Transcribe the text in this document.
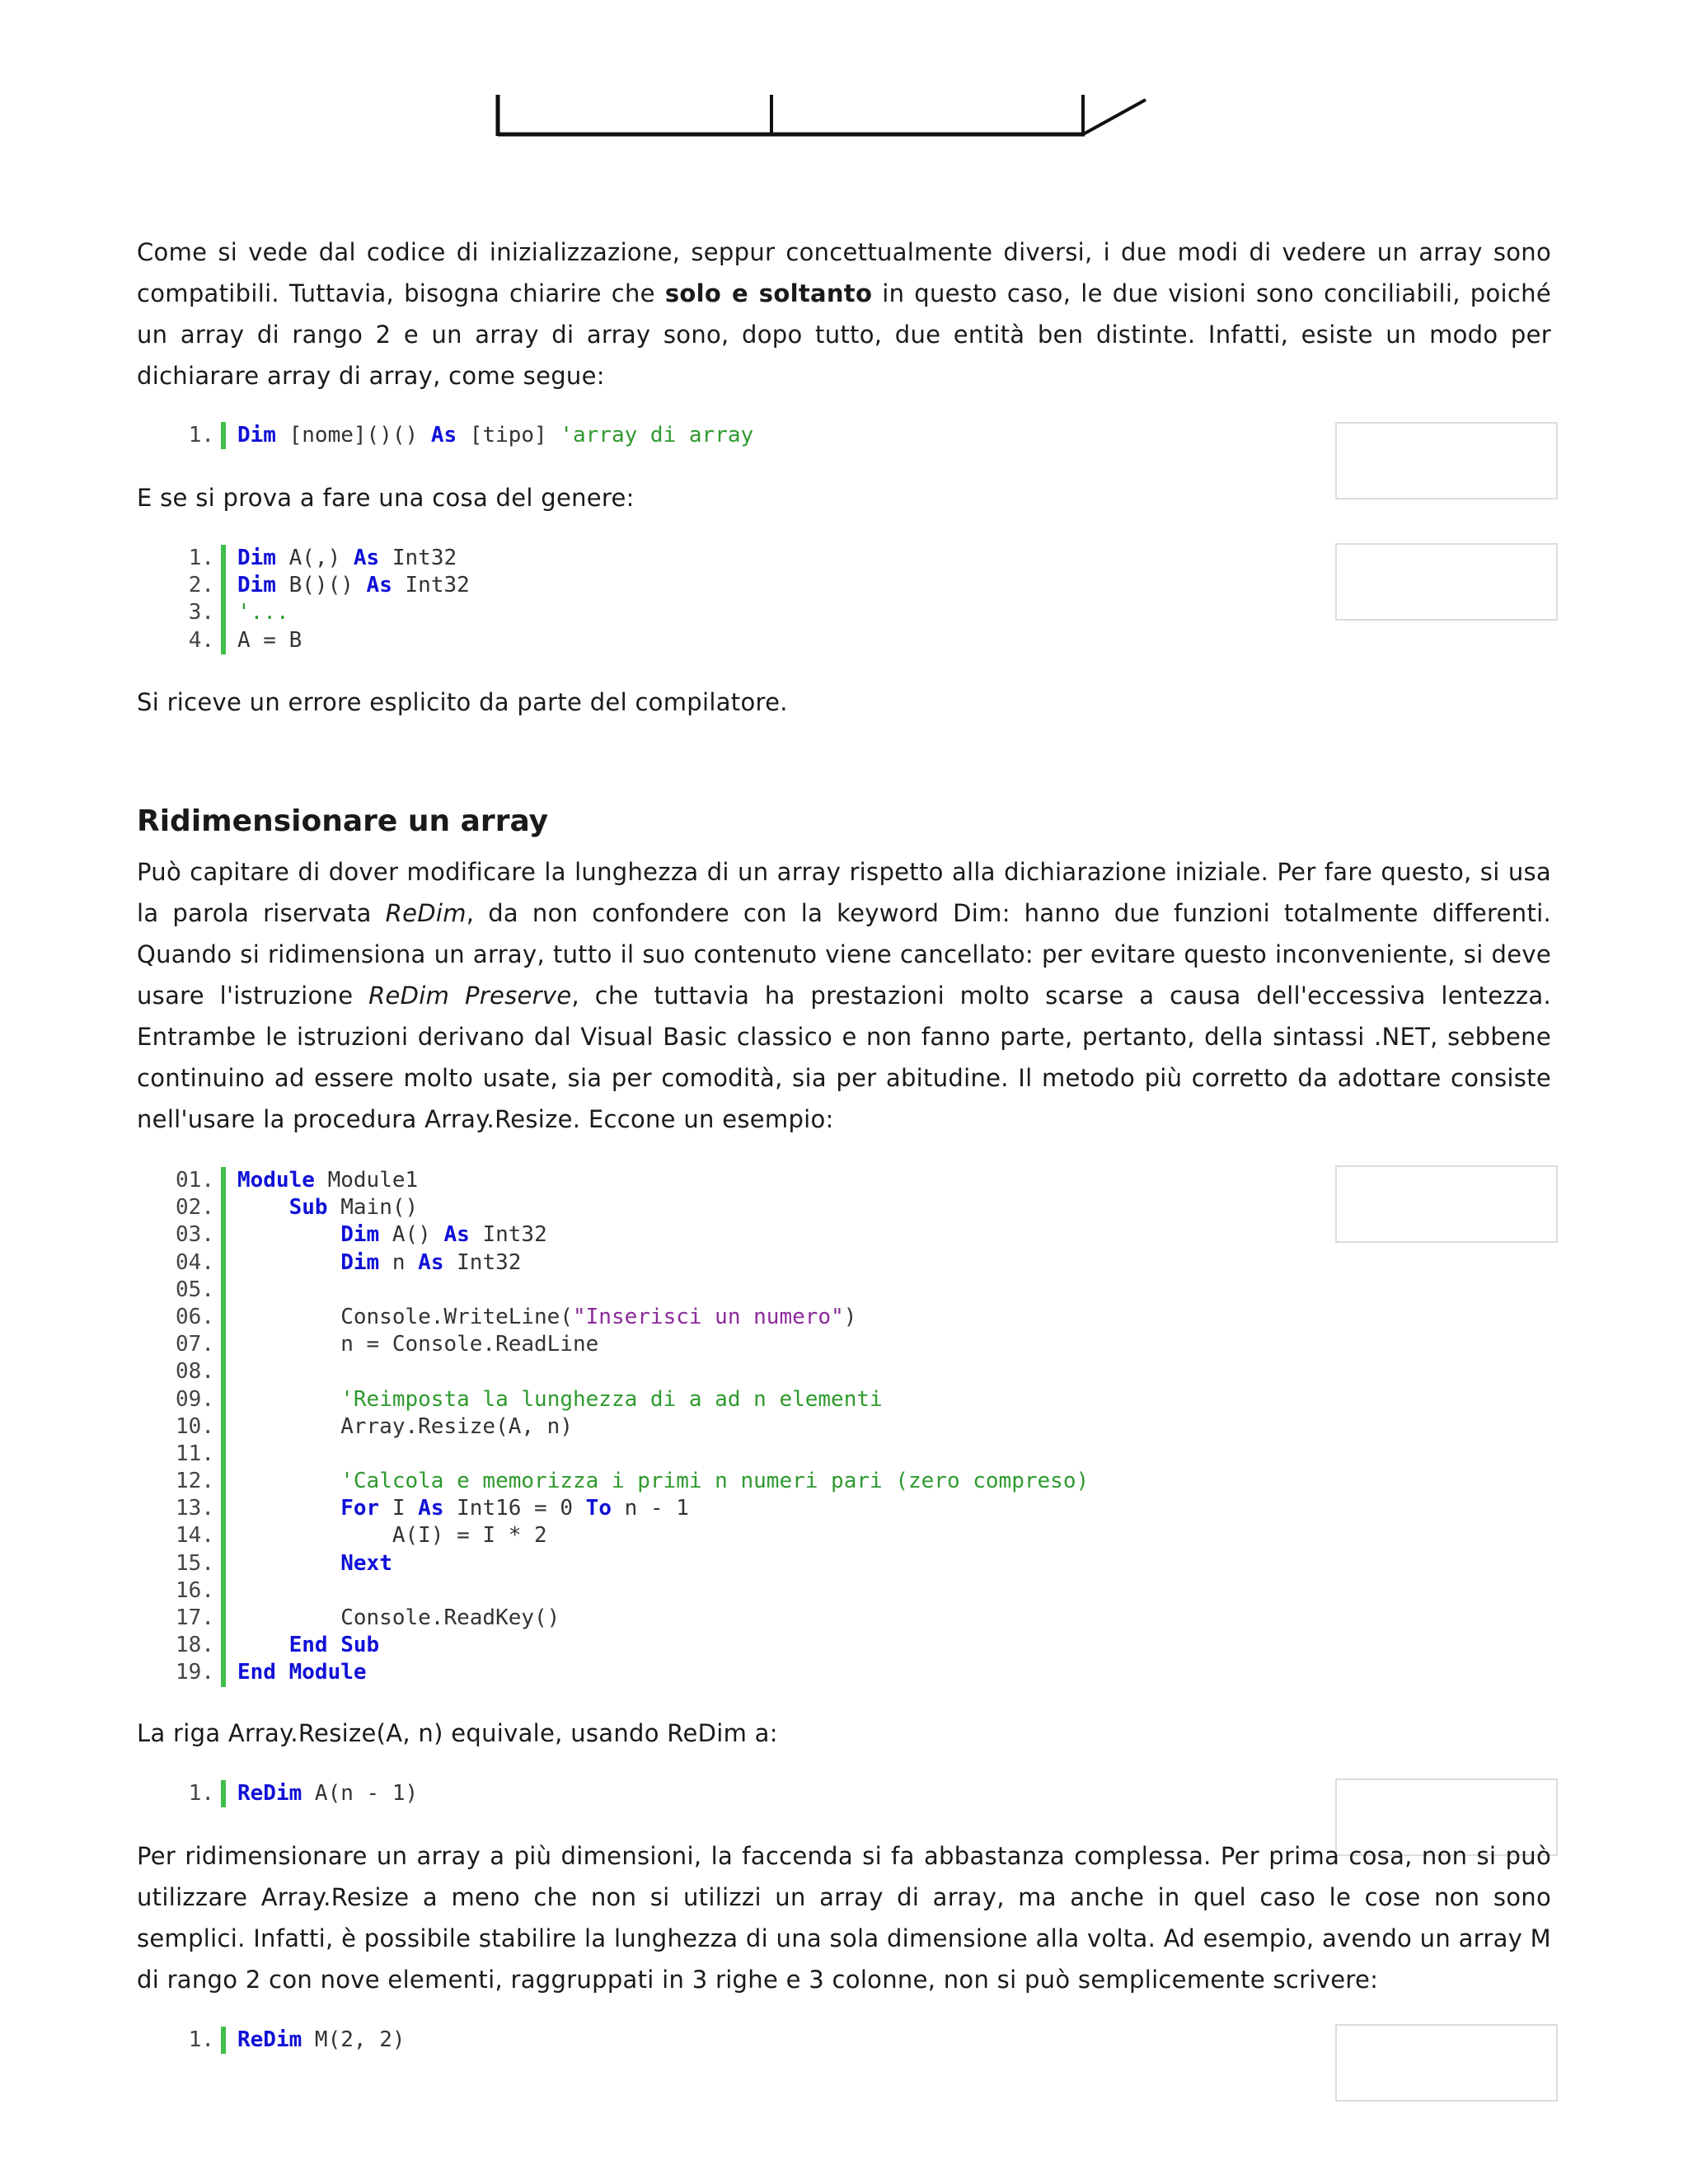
Come si vede dal codice di inizializzazione, seppur concettualmente diversi, i due modi di vedere un array sono compatibili. Tuttavia, bisogna chiarire che solo e soltanto in questo caso, le due visioni sono conciliabili, poiché un array di rango 2 e un array di array sono, dopo tutto, due entità ben distinte. Infatti, esiste un modo per dichiarare array di array, come segue:

1.	Dim [nome]()() As [tipo] 'array di array

E se si prova a fare una cosa del genere:

1.	Dim A(,) As Int32
2.	Dim B()() As Int32
3.	'...
4.	A = B

Si riceve un errore esplicito da parte del compilatore.

Ridimensionare un array

Può capitare di dover modificare la lunghezza di un array rispetto alla dichiarazione iniziale. Per fare questo, si usa la parola riservata ReDim, da non confondere con la keyword Dim: hanno due funzioni totalmente differenti. Quando si ridimensiona un array, tutto il suo contenuto viene cancellato: per evitare questo inconveniente, si deve usare l'istruzione ReDim Preserve, che tuttavia ha prestazioni molto scarse a causa dell'eccessiva lentezza. Entrambe le istruzioni derivano dal Visual Basic classico e non fanno parte, pertanto, della sintassi .NET, sebbene continuino ad essere molto usate, sia per comodità, sia per abitudine. Il metodo più corretto da adottare consiste nell'usare la procedura Array.Resize. Eccone un esempio:

01.	Module Module1
02.	Sub Main()
03.	Dim A() As Int32
04.	Dim n As Int32
05.
06.	Console.WriteLine("Inserisci un numero")
07.	n = Console.ReadLine
08.
09.	'Reimposta la lunghezza di a ad n elementi
10.	Array.Resize(A, n)
11.
12.	'Calcola e memorizza i primi n numeri pari (zero compreso)
13.	For I As Int16 = 0 To n - 1
14.	A(I) = I * 2
15.	Next
16.
17.	Console.ReadKey()
18.	End Sub
19.	End Module

La riga Array.Resize(A, n) equivale, usando ReDim a:

1.	ReDim A(n - 1)

Per ridimensionare un array a più dimensioni, la faccenda si fa abbastanza complessa. Per prima cosa, non si può utilizzare Array.Resize a meno che non si utilizzi un array di array, ma anche in quel caso le cose non sono semplici. Infatti, è possibile stabilire la lunghezza di una sola dimensione alla volta. Ad esempio, avendo un array M di rango 2 con nove elementi, raggruppati in 3 righe e 3 colonne, non si può semplicemente scrivere:

1.	ReDim M(2, 2)
